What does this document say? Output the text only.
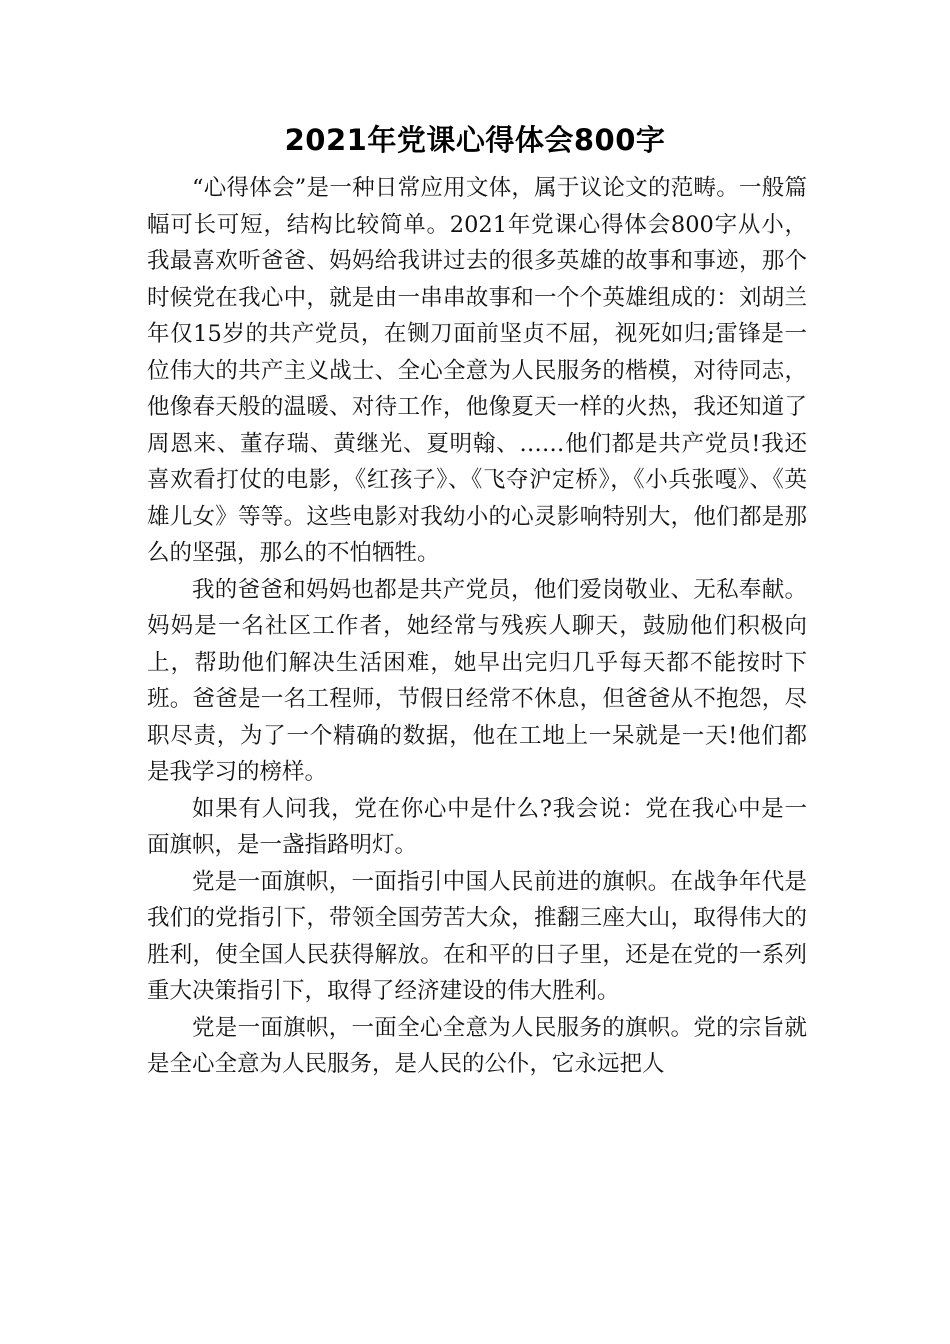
2021年党课心得体会800字

“心得体会”是一种日常应用文体，属于议论文的范畴。一般篇幅可长可短，结构比较简单。2021年党课心得体会800字从小，我最喜欢听爸爸、妈妈给我讲过去的很多英雄的故事和事迹，那个时候党在我心中，就是由一串串故事和一个个英雄组成的：刘胡兰年仅15岁的共产党员，在铡刀面前坚贞不屈，视死如归;雷锋是一位伟大的共产主义战士、全心全意为人民服务的楷模，对待同志，他像春天般的温暖、对待工作，他像夏天一样的火热，我还知道了周恩来、董存瑞、黄继光、夏明翰、……他们都是共产党员!我还喜欢看打仗的电影，《红孩子》、《飞夺沪定桥》，《小兵张嘎》、《英雄儿女》等等。这些电影对我幼小的心灵影响特别大，他们都是那么的坚强，那么的不怕牺牲。

我的爸爸和妈妈也都是共产党员，他们爱岗敬业、无私奉献。妈妈是一名社区工作者，她经常与残疾人聊天，鼓励他们积极向上，帮助他们解决生活困难，她早出完归几乎每天都不能按时下班。爸爸是一名工程师，节假日经常不休息，但爸爸从不抱怨，尽职尽责，为了一个精确的数据，他在工地上一呆就是一天!他们都是我学习的榜样。

如果有人问我，党在你心中是什么?我会说：党在我心中是一面旗帜，是一盏指路明灯。

党是一面旗帜，一面指引中国人民前进的旗帜。在战争年代是我们的党指引下，带领全国劳苦大众，推翻三座大山，取得伟大的胜利，使全国人民获得解放。在和平的日子里，还是在党的一系列重大决策指引下，取得了经济建设的伟大胜利。

党是一面旗帜，一面全心全意为人民服务的旗帜。党的宗旨就是全心全意为人民服务，是人民的公仆，它永远把人
